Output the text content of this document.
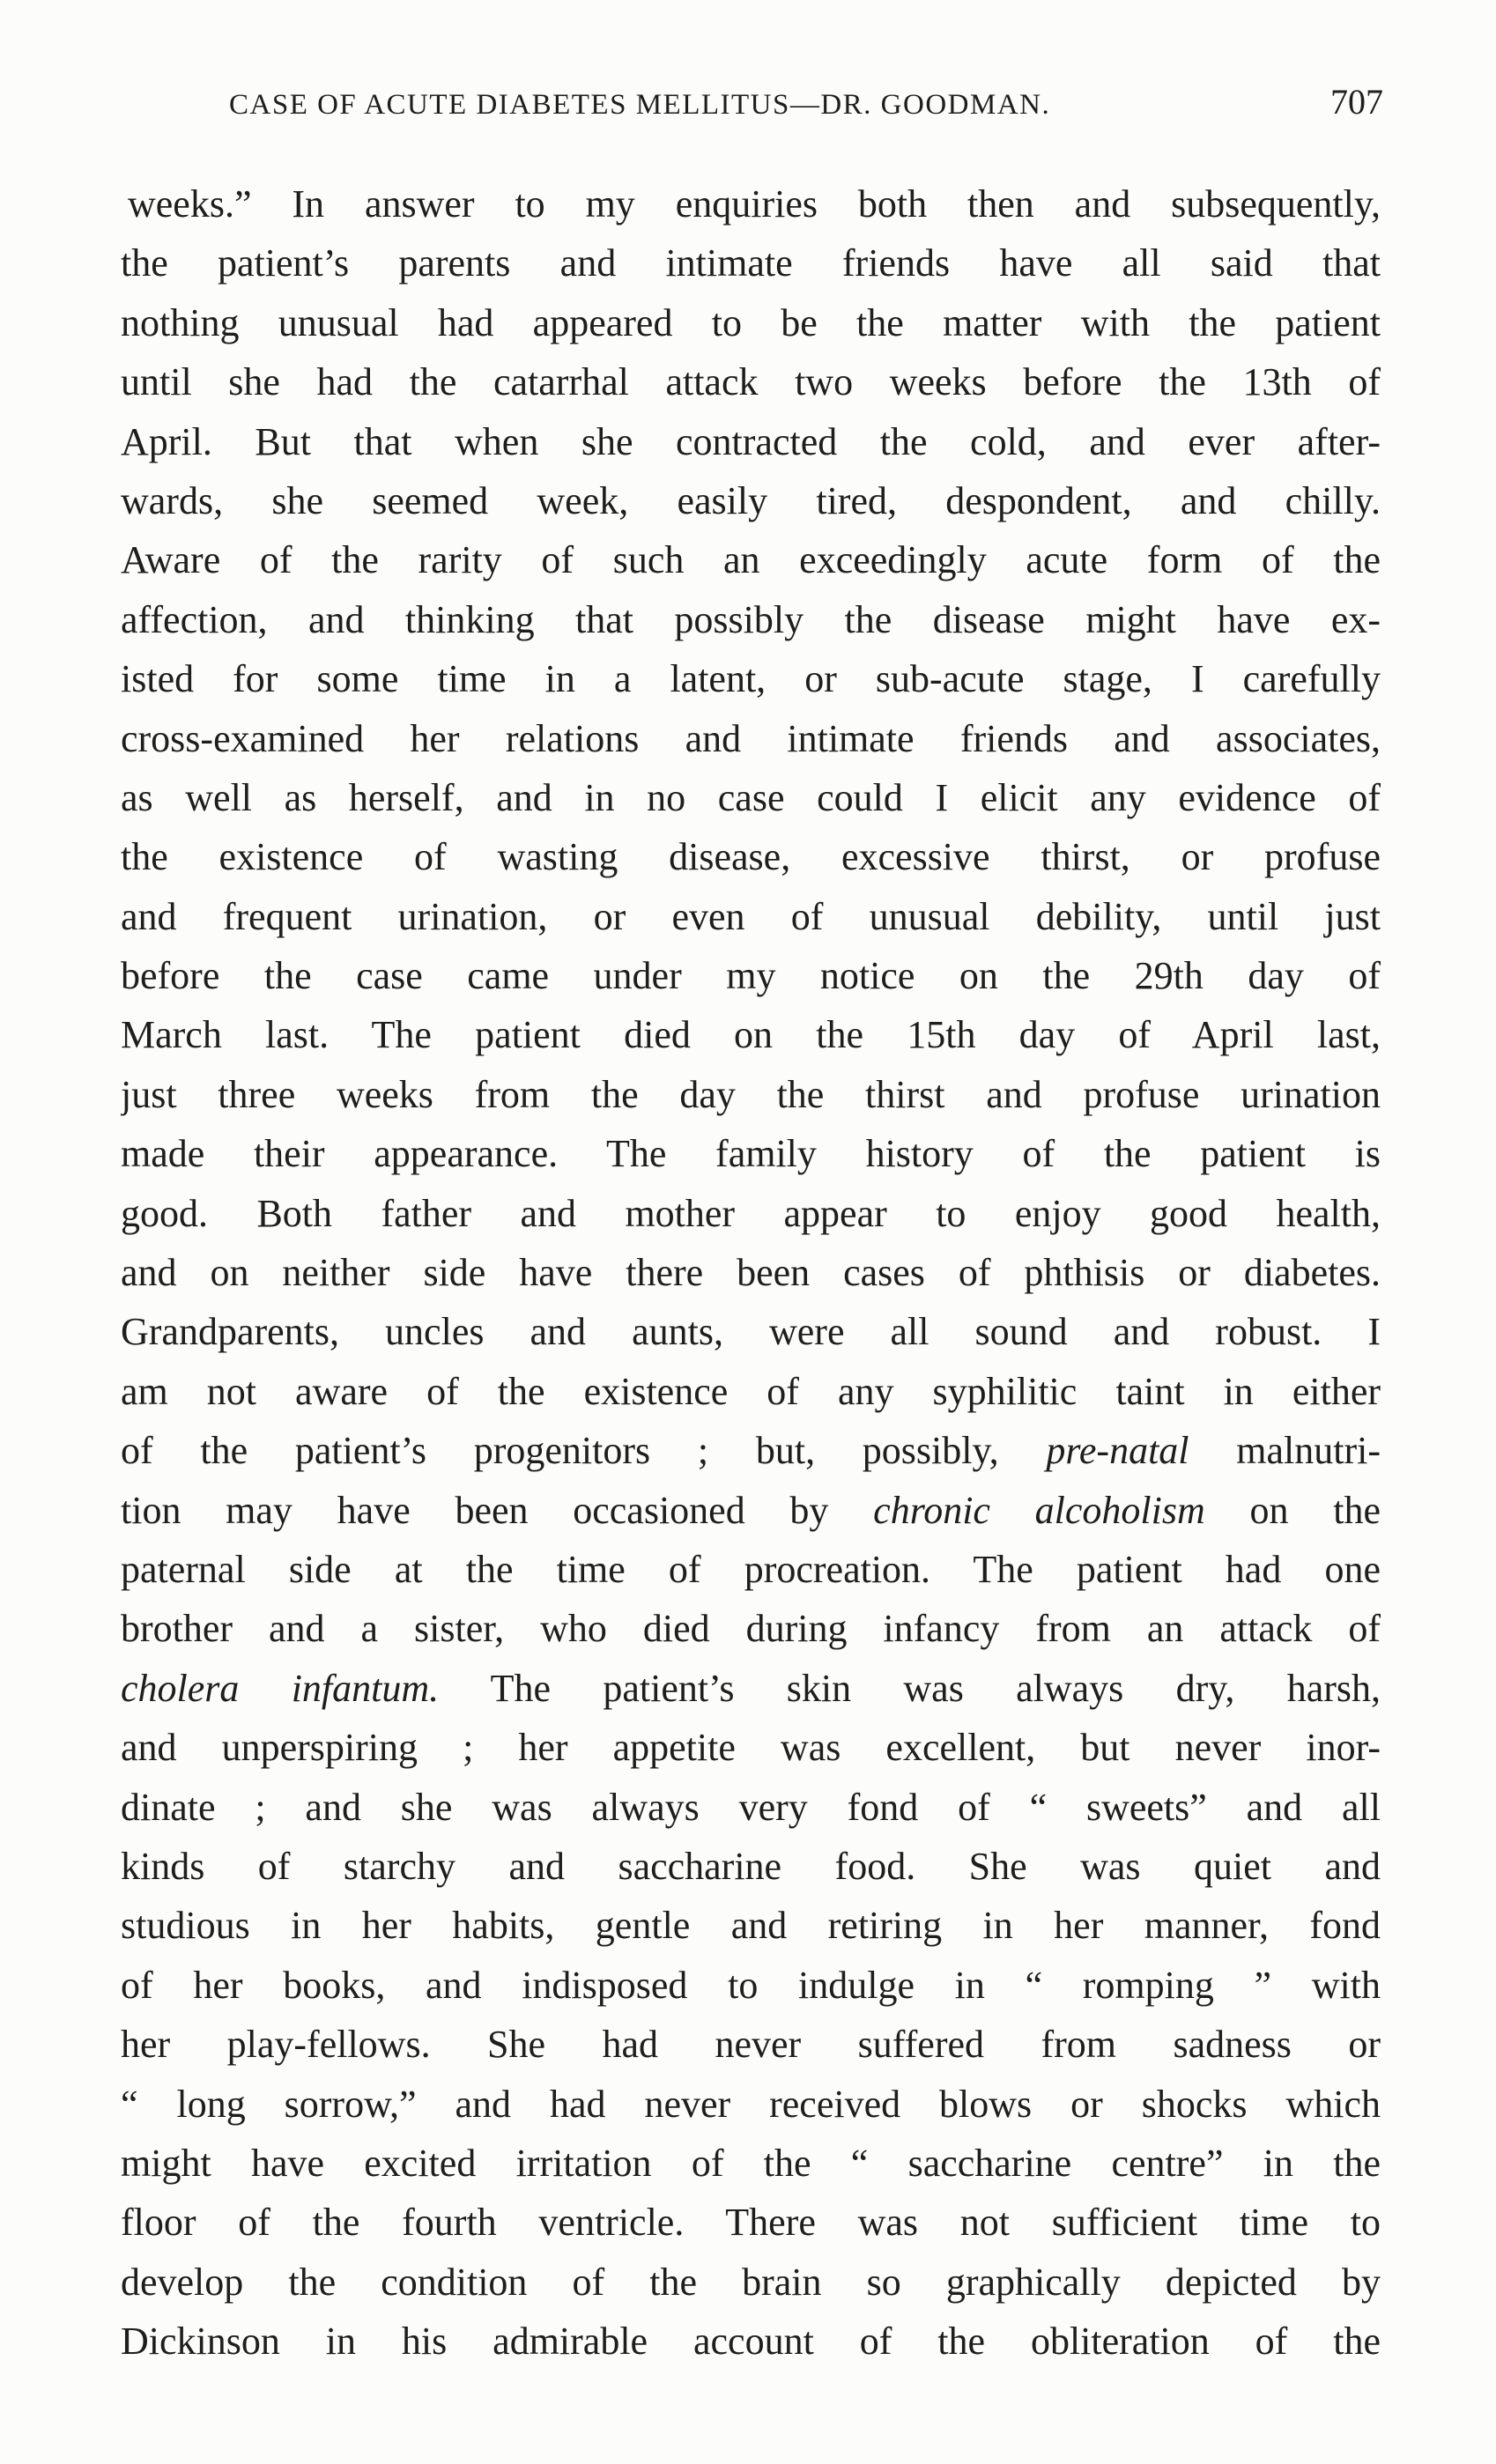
CASE OF ACUTE DIABETES MELLITUS—DR. GOODMAN.	707
weeks.” In answer to my enquiries both then and subsequently,
the patient’s parents and intimate friends have all said that
nothing unusual had appeared to be the matter with the patient
until she had the catarrhal attack two weeks before the 13th of
April. But that when she contracted the cold, and ever after-
wards, she seemed week, easily tired, despondent, and chilly.
Aware of the rarity of such an exceedingly acute form of the
affection, and thinking that possibly the disease might have ex-
isted for some time in a latent, or sub-acute stage, I carefully
cross-examined her relations and intimate friends and associates,
as well as herself, and in no case could I elicit any evidence of
the existence of wasting disease, excessive thirst, or profuse
and frequent urination, or even of unusual debility, until just
before the case came under my notice on the 29th day of
March last. The patient died on the 15th day of April last,
just three weeks from the day the thirst and profuse urination
made their appearance. The family history of the patient is
good. Both father and mother appear to enjoy good health,
and on neither side have there been cases of phthisis or diabetes.
Grandparents, uncles and aunts, were all sound and robust. I
am not aware of the existence of any syphilitic taint in either
of the patient’s progenitors ; but, possibly, pre-natal malnutri-
tion may have been occasioned by chronic alcoholism on the
paternal side at the time of procreation. The patient had one
brother and a sister, who died during infancy from an attack of
cholera infantum. The patient’s skin was always dry, harsh,
and unperspiring ; her appetite was excellent, but never inor-
dinate ; and she was always very fond of “ sweets” and all
kinds of starchy and saccharine food. She was quiet and
studious in her habits, gentle and retiring in her manner, fond
of her books, and indisposed to indulge in “ romping ” with
her play-fellows. She had never suffered from sadness or
“ long sorrow,” and had never received blows or shocks which
might have excited irritation of the “ saccharine centre” in the
floor of the fourth ventricle. There was not sufficient time to
develop the condition of the brain so graphically depicted by
Dickinson in his admirable account of the obliteration of the
